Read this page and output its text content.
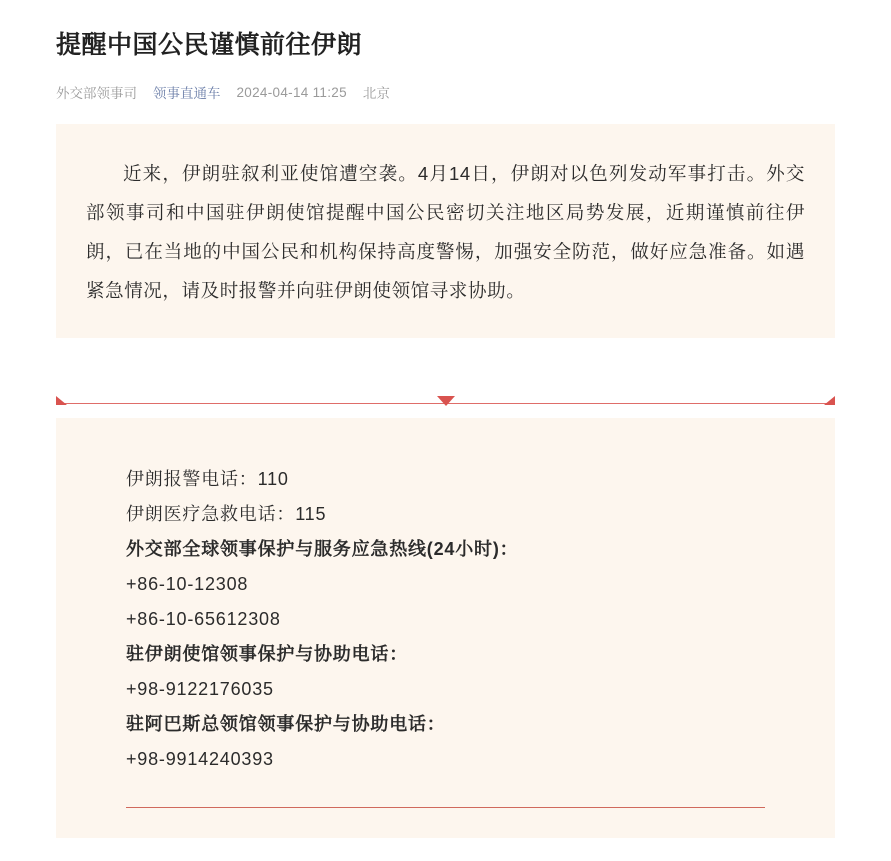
提醒中国公民谨慎前往伊朗
外交部领事司 领事直通车 2024-04-14 11:25 北京

近来，伊朗驻叙利亚使馆遭空袭。4月14日，伊朗对以色列发动军事打击。外交部领事司和中国驻伊朗使馆提醒中国公民密切关注地区局势发展，近期谨慎前往伊朗，已在当地的中国公民和机构保持高度警惕，加强安全防范，做好应急准备。如遇紧急情况，请及时报警并向驻伊朗使领馆寻求协助。

伊朗报警电话：110

伊朗医疗急救电话：115

外交部全球领事保护与服务应急热线(24小时)：

+86-10-12308

+86-10-65612308

驻伊朗使馆领事保护与协助电话：

+98-9122176035

驻阿巴斯总领馆领事保护与协助电话：

+98-9914240393
